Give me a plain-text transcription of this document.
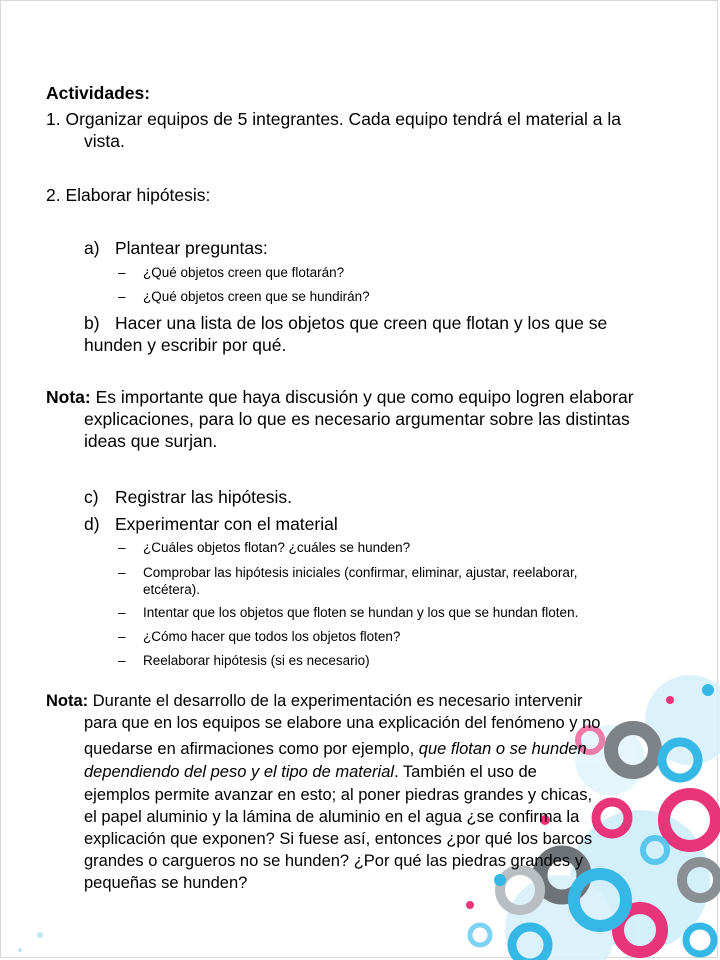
Actividades:
1. Organizar equipos de 5 integrantes. Cada equipo tendrá el material a la
vista.
2. Elaborar hipótesis:
a) Plantear preguntas:
– ¿Qué objetos creen que flotarán?
– ¿Qué objetos creen que se hundirán?
b) Hacer una lista de los objetos que creen que flotan y los que se
hunden y escribir por qué.
Nota: Es importante que haya discusión y que como equipo logren elaborar
explicaciones, para lo que es necesario argumentar sobre las distintas
ideas que surjan.
c) Registrar las hipótesis.
d) Experimentar con el material
– ¿Cuáles objetos flotan? ¿cuáles se hunden?
– Comprobar las hipótesis iniciales (confirmar, eliminar, ajustar, reelaborar,
etcétera).
– Intentar que los objetos que floten se hundan y los que se hundan floten.
– ¿Cómo hacer que todos los objetos floten?
– Reelaborar hipótesis (si es necesario)
Nota: Durante el desarrollo de la experimentación es necesario intervenir
para que en los equipos se elabore una explicación del fenómeno y no
quedarse en afirmaciones como por ejemplo, que flotan o se hunden
dependiendo del peso y el tipo de material. También el uso de
ejemplos permite avanzar en esto; al poner piedras grandes y chicas,
el papel aluminio y la lámina de aluminio en el agua ¿se confirma la
explicación que exponen? Si fuese así, entonces ¿por qué los barcos
grandes o cargueros no se hunden? ¿Por qué las piedras grandes y
pequeñas se hunden?
